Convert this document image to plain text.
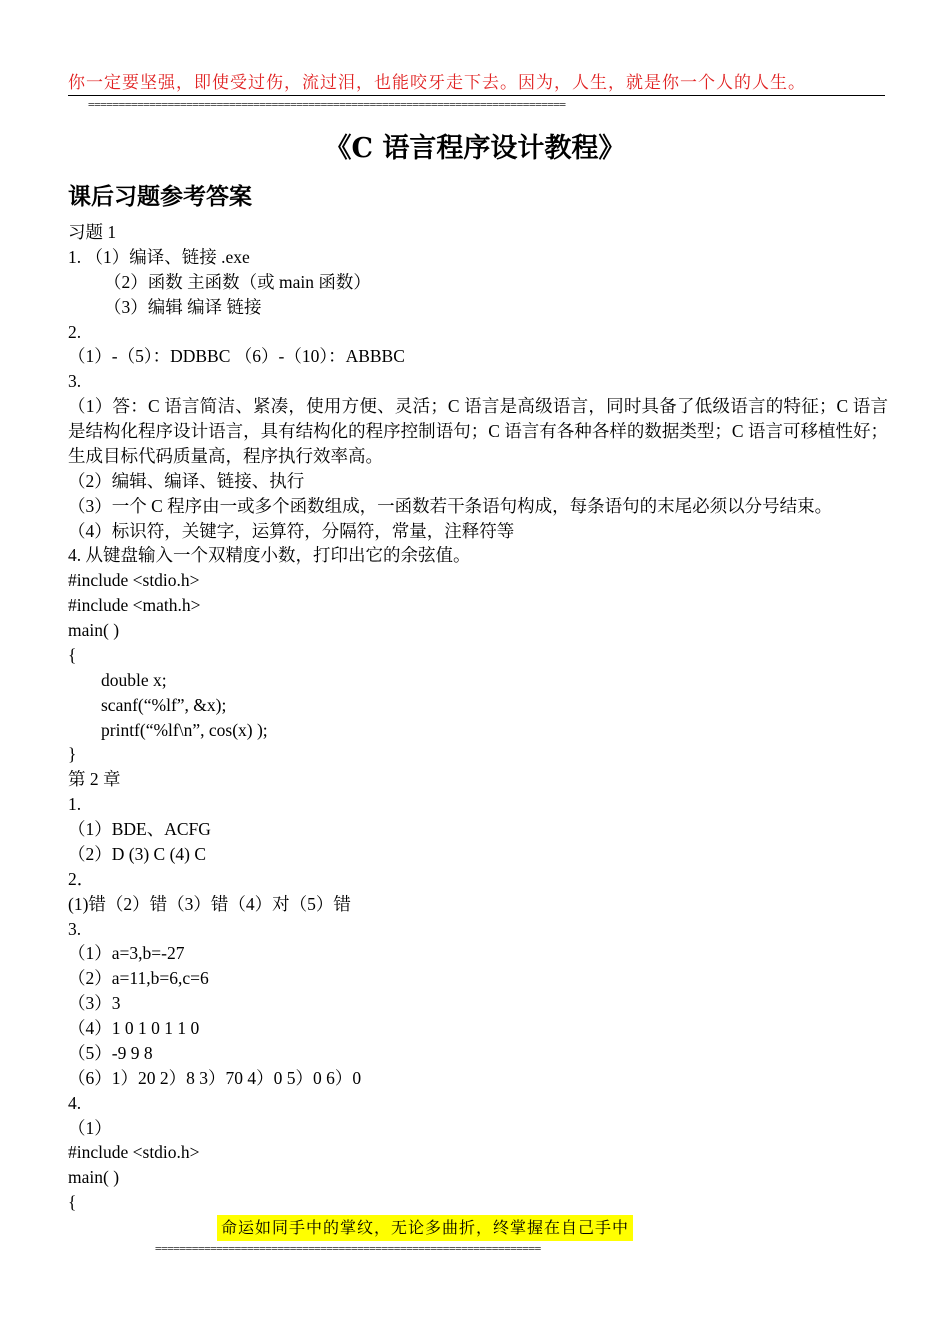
你一定要坚强，即使受过伤，流过泪，也能咬牙走下去。因为，人生，就是你一个人的人生。
==============================================================================
《C 语言程序设计教程》
课后习题参考答案
习题 1
1. （1）编译、链接 .exe
（2）函数 主函数（或 main 函数）
（3）编辑 编译 链接
2.
（1）-（5）：DDBBC （6）-（10）：ABBBC
3.
（1）答：C 语言简洁、紧凑，使用方便、灵活；C 语言是高级语言，同时具备了低级语言的特征；C 语言是结构化程序设计语言，具有结构化的程序控制语句；C 语言有各种各样的数据类型；C 语言可移植性好；生成目标代码质量高，程序执行效率高。
（2）编辑、编译、链接、执行
（3）一个 C 程序由一或多个函数组成，一函数若干条语句构成，每条语句的末尾必须以分号结束。
（4）标识符，关键字，运算符，分隔符，常量，注释符等
4. 从键盘输入一个双精度小数，打印出它的余弦值。
#include <stdio.h>
#include <math.h>
main( )
{
double x;
scanf(“%lf”, &x);
printf(“%lf\n”, cos(x) );
}
第 2 章
1.
（1）BDE、ACFG
（2）D (3) C (4) C
2．
(1)错（2）错（3）错（4）对（5）错
3.
（1）a=3,b=-27
（2）a=11,b=6,c=6
（3）3
（4）1 0 1 0 1 1 0
（5）-9 9 8
（6）1）20 2）8 3）70 4）0 5）0 6）0
4.
（1）
#include <stdio.h>
main( )
{
命运如同手中的掌纹，无论多曲折，终掌握在自己手中
===============================================================
